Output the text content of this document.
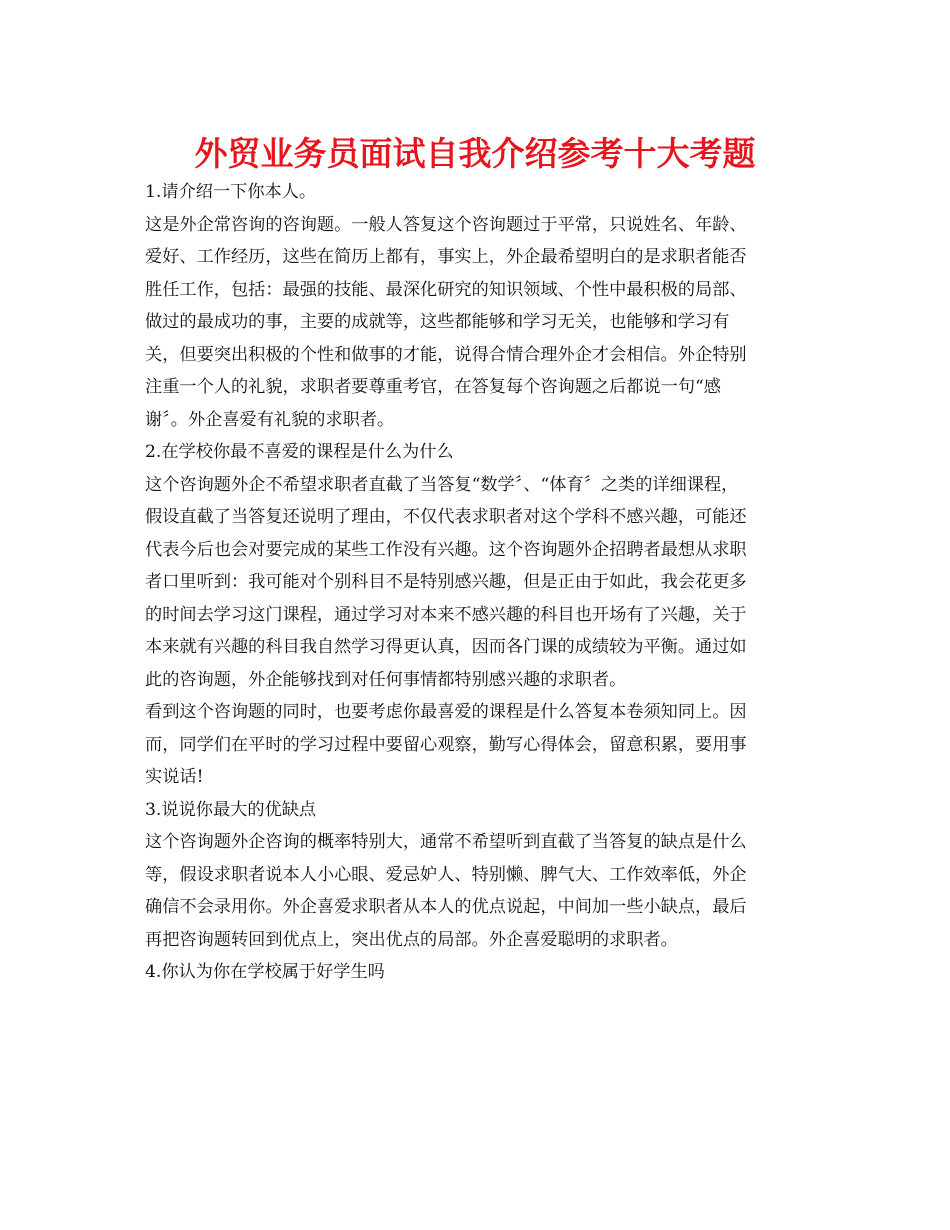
外贸业务员面试自我介绍参考十大考题
1.请介绍一下你本人。
这是外企常咨询的咨询题。一般人答复这个咨询题过于平常，只说姓名、年龄、
爱好、工作经历，这些在简历上都有，事实上，外企最希望明白的是求职者能否
胜任工作，包括：最强的技能、最深化研究的知识领域、个性中最积极的局部、
做过的最成功的事，主要的成就等，这些都能够和学习无关，也能够和学习有
关，但要突出积极的个性和做事的才能，说得合情合理外企才会相信。外企特别
注重一个人的礼貌，求职者要尊重考官，在答复每个咨询题之后都说一句“感
谢〞。外企喜爱有礼貌的求职者。
2.在学校你最不喜爱的课程是什么为什么
这个咨询题外企不希望求职者直截了当答复“数学〞、“体育〞之类的详细课程，
假设直截了当答复还说明了理由，不仅代表求职者对这个学科不感兴趣，可能还
代表今后也会对要完成的某些工作没有兴趣。这个咨询题外企招聘者最想从求职
者口里听到：我可能对个别科目不是特别感兴趣，但是正由于如此，我会花更多
的时间去学习这门课程，通过学习对本来不感兴趣的科目也开场有了兴趣，关于
本来就有兴趣的科目我自然学习得更认真，因而各门课的成绩较为平衡。通过如
此的咨询题，外企能够找到对任何事情都特别感兴趣的求职者。
看到这个咨询题的同时，也要考虑你最喜爱的课程是什么答复本卷须知同上。因
而，同学们在平时的学习过程中要留心观察，勤写心得体会，留意积累，要用事
实说话!
3.说说你最大的优缺点
这个咨询题外企咨询的概率特别大，通常不希望听到直截了当答复的缺点是什么
等，假设求职者说本人小心眼、爱忌妒人、特别懒、脾气大、工作效率低，外企
确信不会录用你。外企喜爱求职者从本人的优点说起，中间加一些小缺点，最后
再把咨询题转回到优点上，突出优点的局部。外企喜爱聪明的求职者。
4.你认为你在学校属于好学生吗
